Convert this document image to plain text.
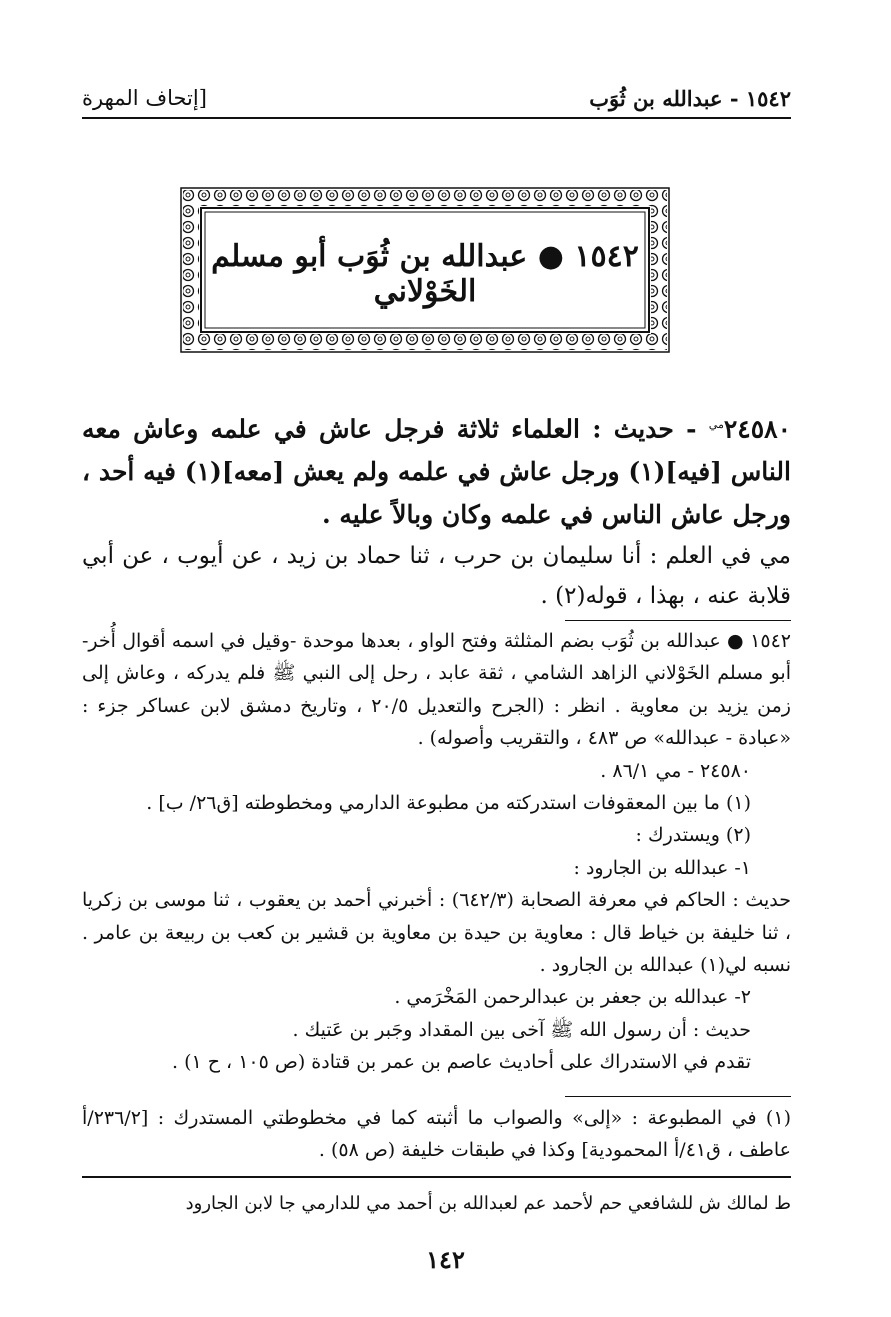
١٥٤٢ - عبدالله بن ثُوَب
[إتحاف المهرة
١٥٤٢ ● عبدالله بن ثُوَب أبو مسلم الخَوْلاني
$٢٤٥٨٠^{مي}$ - حديث : العلماء ثلاثة فرجل عاش في علمه وعاش معه الناس [فيه](١) ورجل عاش في علمه ولم يعش [معه](١) فيه أحد ، ورجل عاش الناس في علمه وكان وبالاً عليه .
مي في العلم : أنا سليمان بن حرب ، ثنا حماد بن زيد ، عن أيوب ، عن أبي قلابة عنه ، بهذا ، قوله(٢) .

١٥٤٢ ● عبدالله بن ثُوَب بضم المثلثة وفتح الواو ، بعدها موحدة -وقيل في اسمه أقوال أُخر- أبو مسلم الخَوْلاني الزاهد الشامي ، ثقة عابد ، رحل إلى النبي ﷺ فلم يدركه ، وعاش إلى زمن يزيد بن معاوية . انظر : (الجرح والتعديل ٢٠/٥ ، وتاريخ دمشق لابن عساكر جزء : «عبادة - عبدالله» ص ٤٨٣ ، والتقريب وأصوله) .

٢٤٥٨٠ - مي ٨٦/١ .

(١) ما بين المعقوفات استدركته من مطبوعة الدارمي ومخطوطته [ق٢٦/ ب] .

(٢) ويستدرك :

١- عبدالله بن الجارود :

حديث : الحاكم في معرفة الصحابة (٦٤٢/٣) : أخبرني أحمد بن يعقوب ، ثنا موسى بن زكريا ، ثنا خليفة بن خياط قال : معاوية بن حيدة بن معاوية بن قشير بن كعب بن ربيعة بن عامر . نسبه لي(١) عبدالله بن الجارود .

٢- عبدالله بن جعفر بن عبدالرحمن المَخْرَمي .

حديث : أن رسول الله ﷺ آخى بين المقداد وجَبر بن عَتيك .

تقدم في الاستدراك على أحاديث عاصم بن عمر بن قتادة (ص ١٠٥ ، ح ١) .

(١) في المطبوعة : «إلى» والصواب ما أثبته كما في مخطوطتي المستدرك : [٢٣٦/٢/أ عاطف ، ق٤١/أ المحمودية] وكذا في طبقات خليفة (ص ٥٨) .

ط لمالك ش للشافعي حم لأحمد عم لعبدالله بن أحمد مي للدارمي جا لابن الجارود
١٤٢
